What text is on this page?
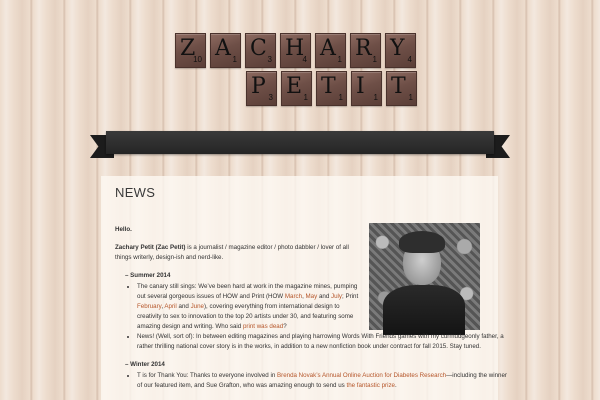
Z
10 A 1 C 3 H
4 A 1 R 1 Y 4
P 3 E 1 T 1 I 1 T 1
NEWS

Hello.

Zachary Petit (Zac Petit) is a journalist / magazine editor / photo dabbler / lover of all things writerly, design-ish and nerd-like.

– Summer 2014
• The canary still sings: We’ve been hard at work in the magazine mines, pumping out several gorgeous issues of HOW and Print (HOW March, May and July; Print February, April and June), covering everything from international design to creativity to sex to innovation to the top 20 artists under 30, and featuring some amazing design and writing. Who said print was dead?
• News! (Well, sort of): In between editing magazines and playing harrowing Words With Friends games with my curmudgeonly father, a rather thrilling national cover story is in the works, in addition to a new nonfiction book under contract for fall 2015. Stay tuned.
– Winter 2014
• T is for Thank You: Thanks to everyone involved in Brenda Novak’s Annual Online Auction for Diabetes Research—including the winner of our featured item, and Sue Grafton, who was amazing enough to send us the fantastic prize.
